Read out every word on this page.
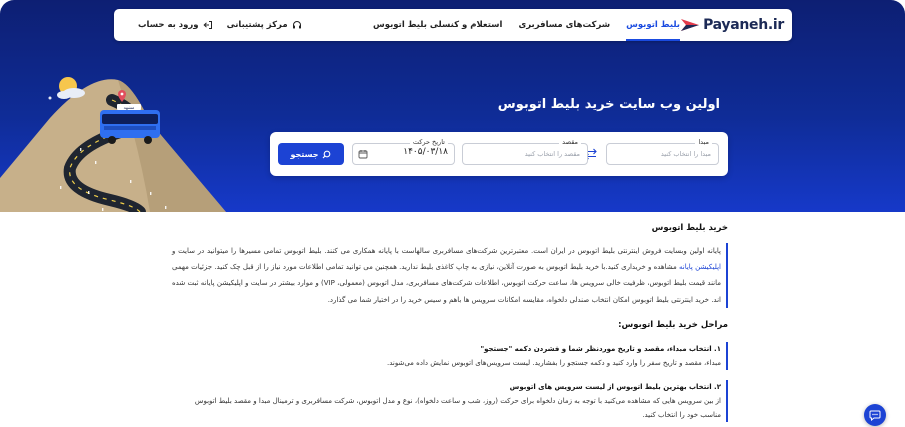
مشهد
Payaneh.ir
بلیط اتوبوس
شرکت‌های مسافربری
استعلام و کنسلی بلیط اتوبوس
مرکز پشتیبانی
ورود به حساب
اولین وب سایت خرید بلیط اتوبوس
مبدا
مبدا را انتخاب کنید
مقصد
مقصد را انتخاب کنید
تاریخ حرکت
۱۴۰۵/۰۳/۱۸
جستجو
خرید بلیط اتوبوس

پایانه اولین وبسایت فروش اینترنتی بلیط اتوبوس در ایران است. معتبرترین شرکت‌های مسافربری سالهاست با پایانه همکاری می کنند. بلیط اتوبوس تمامی مسیرها را میتوانید در سایت و اپلیکیشن پایانه مشاهده و خریداری کنید.با خرید بلیط اتوبوس به صورت آنلاین، نیازی به چاپ کاغذی بلیط ندارید. همچنین می توانید تمامی اطلاعات مورد نیاز را از قبل چک کنید. جزئیات مهمی مانند قیمت بلیط اتوبوس، ظرفیت خالی سرویس ها، ساعت حرکت اتوبوس، اطلاعات شرکت‌های مسافربری، مدل اتوبوس (معمولی، VIP) و موارد بیشتر در سایت و اپلیکیشن پایانه ثبت شده اند. خرید اینترنتی بلیط اتوبوس امکان انتخاب صندلی دلخواه، مقایسه امکانات سرویس ها باهم و سیس خرید را در اختیار شما می گذارد.

مراحل خرید بلیط اتوبوس:
۱. انتخاب مبداء، مقصد و تاریخ موردنظر شما و فشردن دکمه "جستجو"
مبداء، مقصد و تاریخ سفر را وارد کنید و دکمه جستجو را بفشارید. لیست سرویس‌های اتوبوس نمایش داده می‌شوند.
۲. انتخاب بهترین بلیط اتوبوس از لیست سرویس های اتوبوس
از بین سرویس هایی که مشاهده می‌کنید با توجه به زمان دلخواه برای حرکت (روز، شب و ساعت دلخواه)، نوع و مدل اتوبوس، شرکت مسافربری و ترمینال مبدا و مقصد بلیط اتوبوس مناسب خود را انتخاب کنید.
